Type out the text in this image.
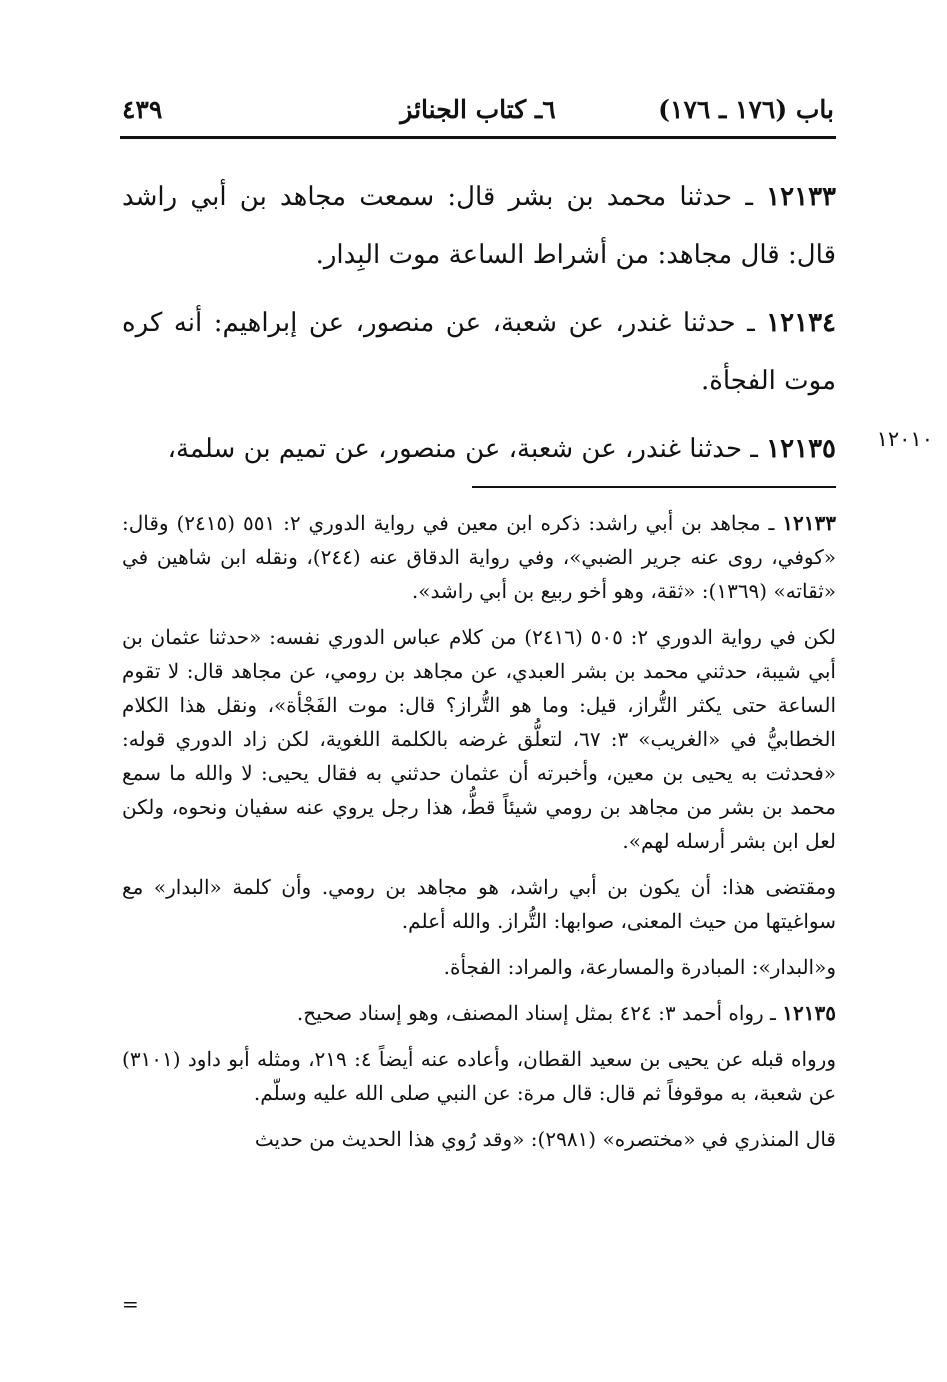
باب (١٧٦ ـ ١٧٦)
٦ـ كتاب الجنائز
٤٣٩

١٢١٣٣ ـ حدثنا محمد بن بشر قال: سمعت مجاهد بن أبي راشد قال: قال مجاهد: من أشراط الساعة موت البِدار.

١٢١٣٤ ـ حدثنا غندر، عن شعبة، عن منصور، عن إبراهيم: أنه كره موت الفجأة.

١٢١٣٥ ـ حدثنا غندر، عن شعبة، عن منصور، عن تميم بن سلمة،	١٢٠١٠

١٢١٣٣ ـ مجاهد بن أبي راشد: ذكره ابن معين في رواية الدوري ٢: ٥٥١ (٢٤١٥) وقال: «كوفي، روى عنه جرير الضبي»، وفي رواية الدقاق عنه (٢٤٤)، ونقله ابن شاهين في «ثقاته» (١٣٦٩): «ثقة، وهو أخو ربيع بن أبي راشد».

لكن في رواية الدوري ٢: ٥٠٥ (٢٤١٦) من كلام عباس الدوري نفسه: «حدثنا عثمان بن أبي شيبة، حدثني محمد بن بشر العبدي، عن مجاهد بن رومي، عن مجاهد قال: لا تقوم الساعة حتى يكثر التُّراز، قيل: وما هو التُّراز؟ قال: موت الفَجْأة»، ونقل هذا الكلام الخطابيُّ في «الغريب» ٣: ٦٧، لتعلُّق غرضه بالكلمة اللغوية، لكن زاد الدوري قوله: «فحدثت به يحيى بن معين، وأخبرته أن عثمان حدثني به فقال يحيى: لا والله ما سمع محمد بن بشر من مجاهد بن رومي شيئاً قطُّ، هذا رجل يروي عنه سفيان ونحوه، ولكن لعل ابن بشر أرسله لهم».

ومقتضى هذا: أن يكون بن أبي راشد، هو مجاهد بن رومي. وأن كلمة «البدار» مع سواغيتها من حيث المعنى، صوابها: التُّراز. والله أعلم.

و«البدار»: المبادرة والمسارعة، والمراد: الفجأة.

١٢١٣٥ ـ رواه أحمد ٣: ٤٢٤ بمثل إسناد المصنف، وهو إسناد صحيح.

ورواه قبله عن يحيى بن سعيد القطان، وأعاده عنه أيضاً ٤: ٢١٩، ومثله أبو داود (٣١٠١) عن شعبة، به موقوفاً ثم قال: قال مرة: عن النبي صلى الله عليه وسلّم.

قال المنذري في «مختصره» (٢٩٨١): «وقد رُوي هذا الحديث من حديث

=
